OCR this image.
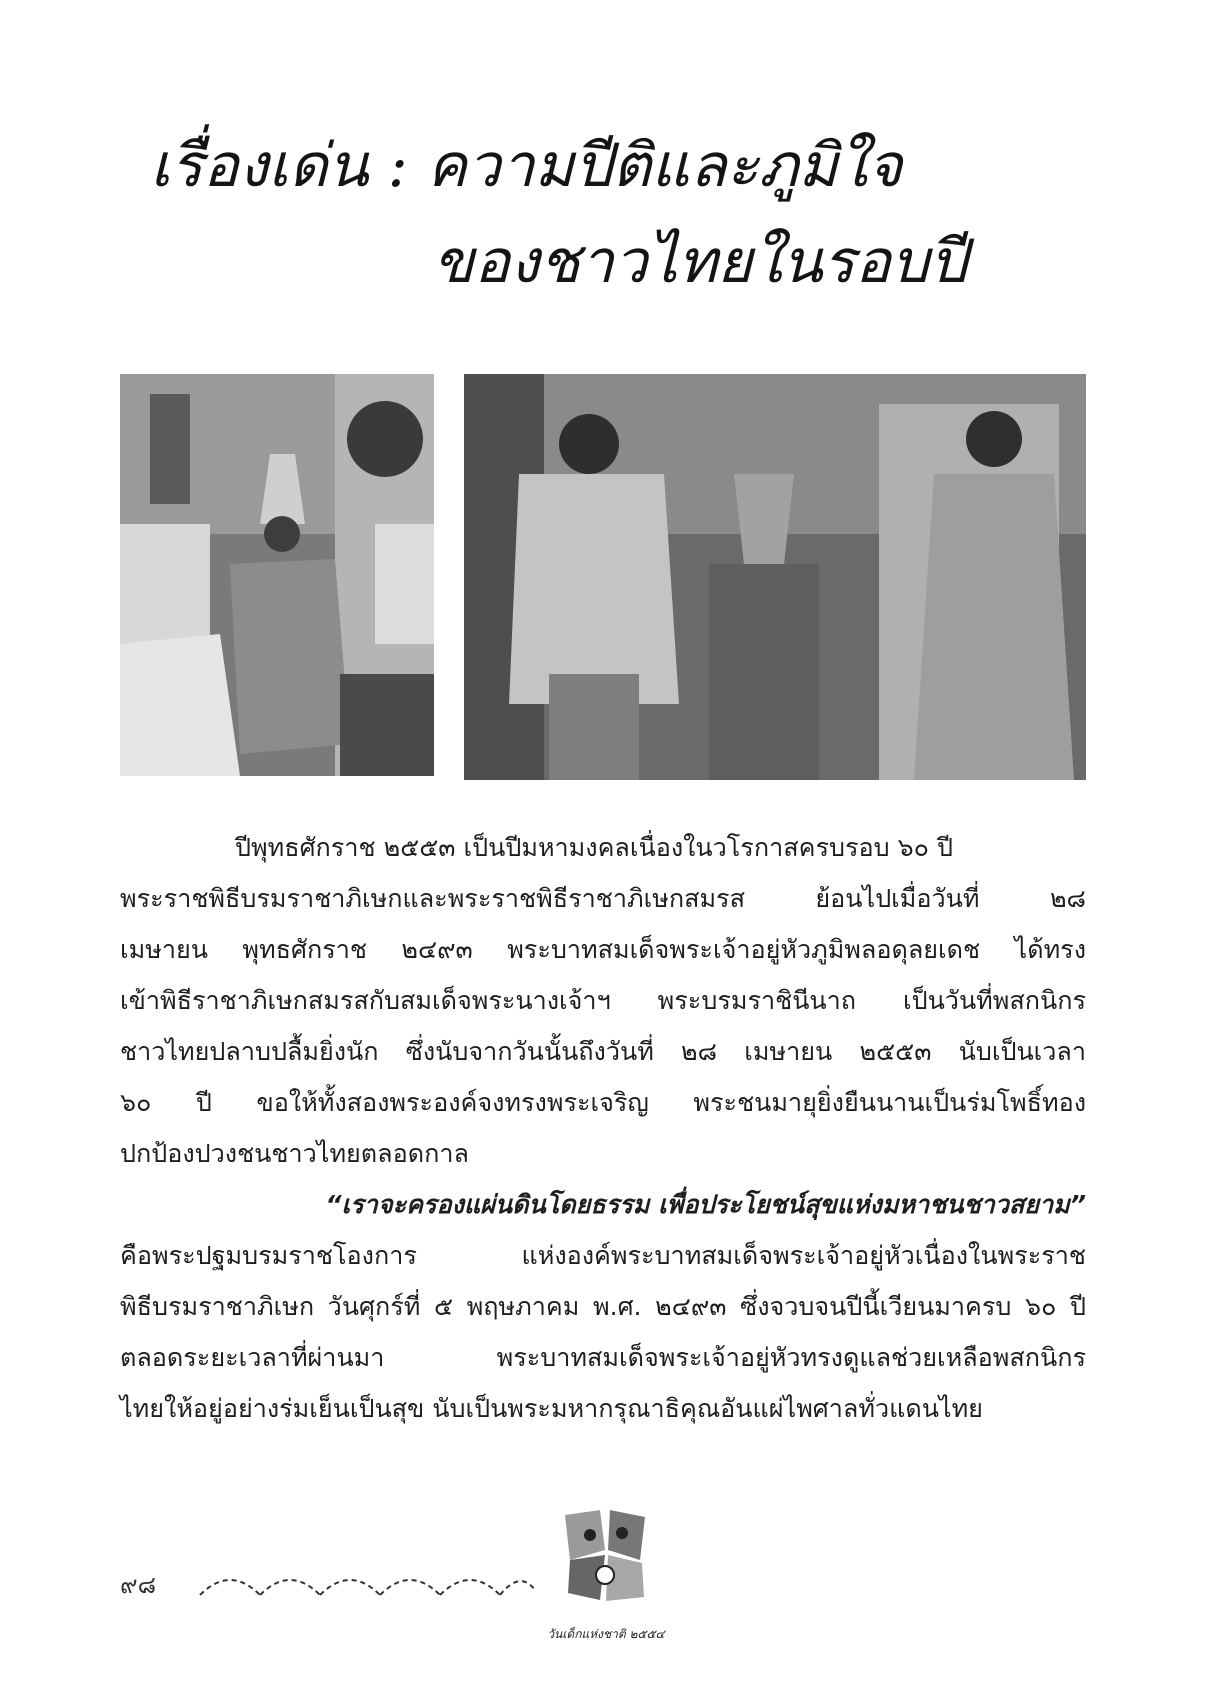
เรื่องเด่น : ความปีติและภูมิใจ
ของชาวไทยในรอบปี
ปีพุทธศักราช ๒๕๕๓ เป็นปีมหามงคลเนื่องในวโรกาสครบรอบ ๖๐ ปี
พระราชพิธีบรมราชาภิเษกและพระราชพิธีราชาภิเษกสมรส ย้อนไปเมื่อวันที่ ๒๘
เมษายน พุทธศักราช ๒๔๙๓ พระบาทสมเด็จพระเจ้าอยู่หัวภูมิพลอดุลยเดช ได้ทรง
เข้าพิธีราชาภิเษกสมรสกับสมเด็จพระนางเจ้าฯ พระบรมราชินีนาถ เป็นวันที่พสกนิกร
ชาวไทยปลาบปลื้มยิ่งนัก ซึ่งนับจากวันนั้นถึงวันที่ ๒๘ เมษายน ๒๕๕๓ นับเป็นเวลา
๖๐ ปี ขอให้ทั้งสองพระองค์จงทรงพระเจริญ พระชนมายุยิ่งยืนนานเป็นร่มโพธิ์ทอง
ปกป้องปวงชนชาวไทยตลอดกาล
“เราจะครองแผ่นดินโดยธรรม เพื่อประโยชน์สุขแห่งมหาชนชาวสยาม”
คือพระปฐมบรมราชโองการ แห่งองค์พระบาทสมเด็จพระเจ้าอยู่หัวเนื่องในพระราช
พิธีบรมราชาภิเษก วันศุกร์ที่ ๕ พฤษภาคม พ.ศ. ๒๔๙๓ ซึ่งจวบจนปีนี้เวียนมาครบ ๖๐ ปี
ตลอดระยะเวลาที่ผ่านมา พระบาทสมเด็จพระเจ้าอยู่หัวทรงดูแลช่วยเหลือพสกนิกร
ไทยให้อยู่อย่างร่มเย็นเป็นสุข นับเป็นพระมหากรุณาธิคุณอันแผ่ไพศาลทั่วแดนไทย
๙๘
วันเด็กแห่งชาติ ๒๕๕๔
